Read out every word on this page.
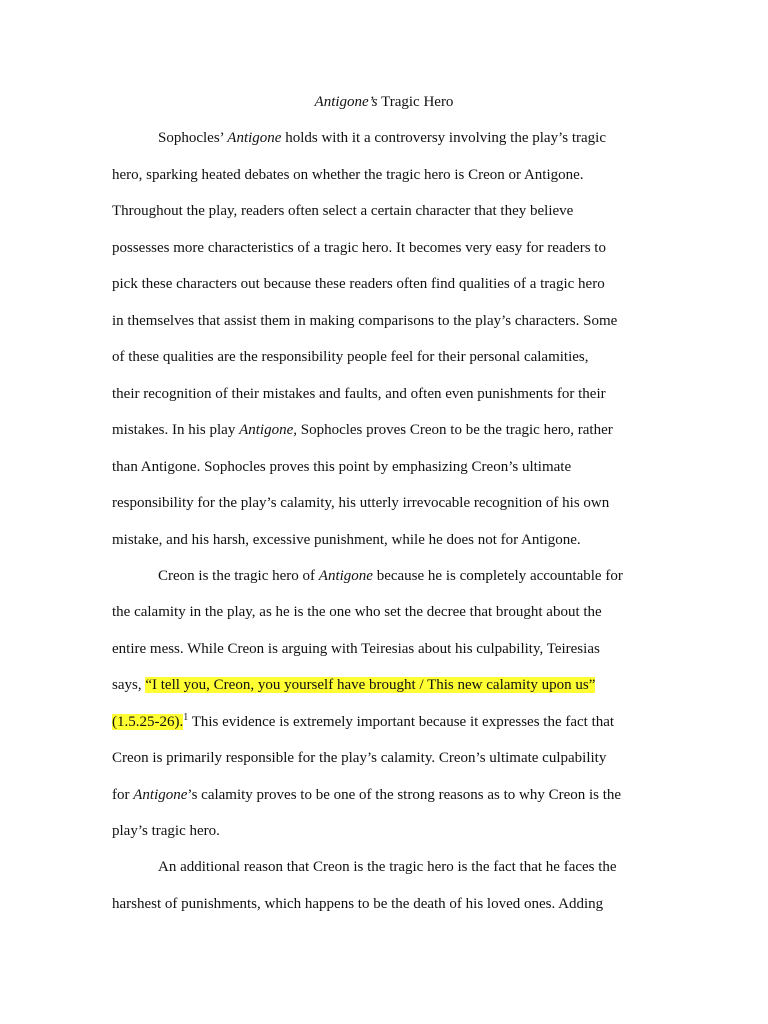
Antigone’s Tragic Hero
Sophocles’ Antigone holds with it a controversy involving the play’s tragic
hero, sparking heated debates on whether the tragic hero is Creon or Antigone.
Throughout the play, readers often select a certain character that they believe
possesses more characteristics of a tragic hero. It becomes very easy for readers to
pick these characters out because these readers often find qualities of a tragic hero
in themselves that assist them in making comparisons to the play’s characters. Some
of these qualities are the responsibility people feel for their personal calamities,
their recognition of their mistakes and faults, and often even punishments for their
mistakes. In his play Antigone, Sophocles proves Creon to be the tragic hero, rather
than Antigone. Sophocles proves this point by emphasizing Creon’s ultimate
responsibility for the play’s calamity, his utterly irrevocable recognition of his own
mistake, and his harsh, excessive punishment, while he does not for Antigone.
Creon is the tragic hero of Antigone because he is completely accountable for
the calamity in the play, as he is the one who set the decree that brought about the
entire mess. While Creon is arguing with Teiresias about his culpability, Teiresias
says, “I tell you, Creon, you yourself have brought / This new calamity upon us”
(1.5.25-26).$^1$ This evidence is extremely important because it expresses the fact that
Creon is primarily responsible for the play’s calamity. Creon’s ultimate culpability
for Antigone’s calamity proves to be one of the strong reasons as to why Creon is the
play’s tragic hero.
An additional reason that Creon is the tragic hero is the fact that he faces the
harshest of punishments, which happens to be the death of his loved ones. Adding
